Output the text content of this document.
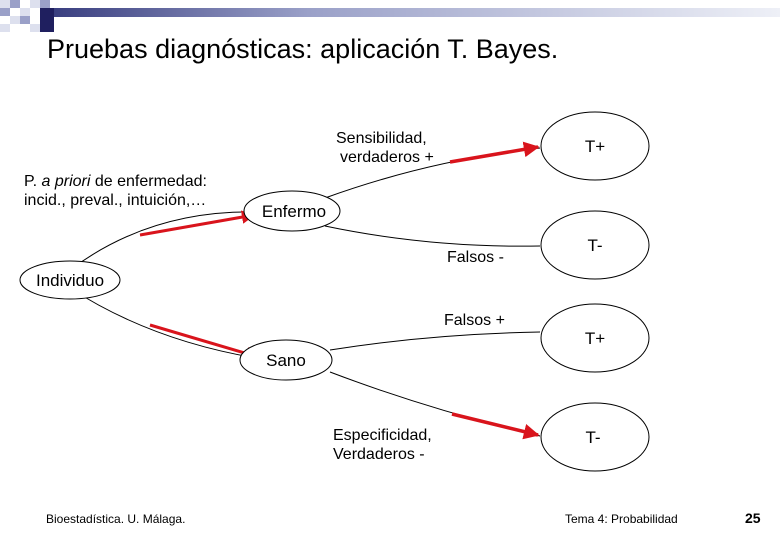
Pruebas diagnósticas: aplicación T. Bayes.
Individuo
Enfermo
Sano
T+
T-
T+
T-
P. a priori de enfermedad:
incid., preval., intuición,…
Sensibilidad,
verdaderos +
Falsos -
Falsos +
Especificidad,
Verdaderos -
Bioestadística. U. Málaga.	Tema 4: Probabilidad	25
